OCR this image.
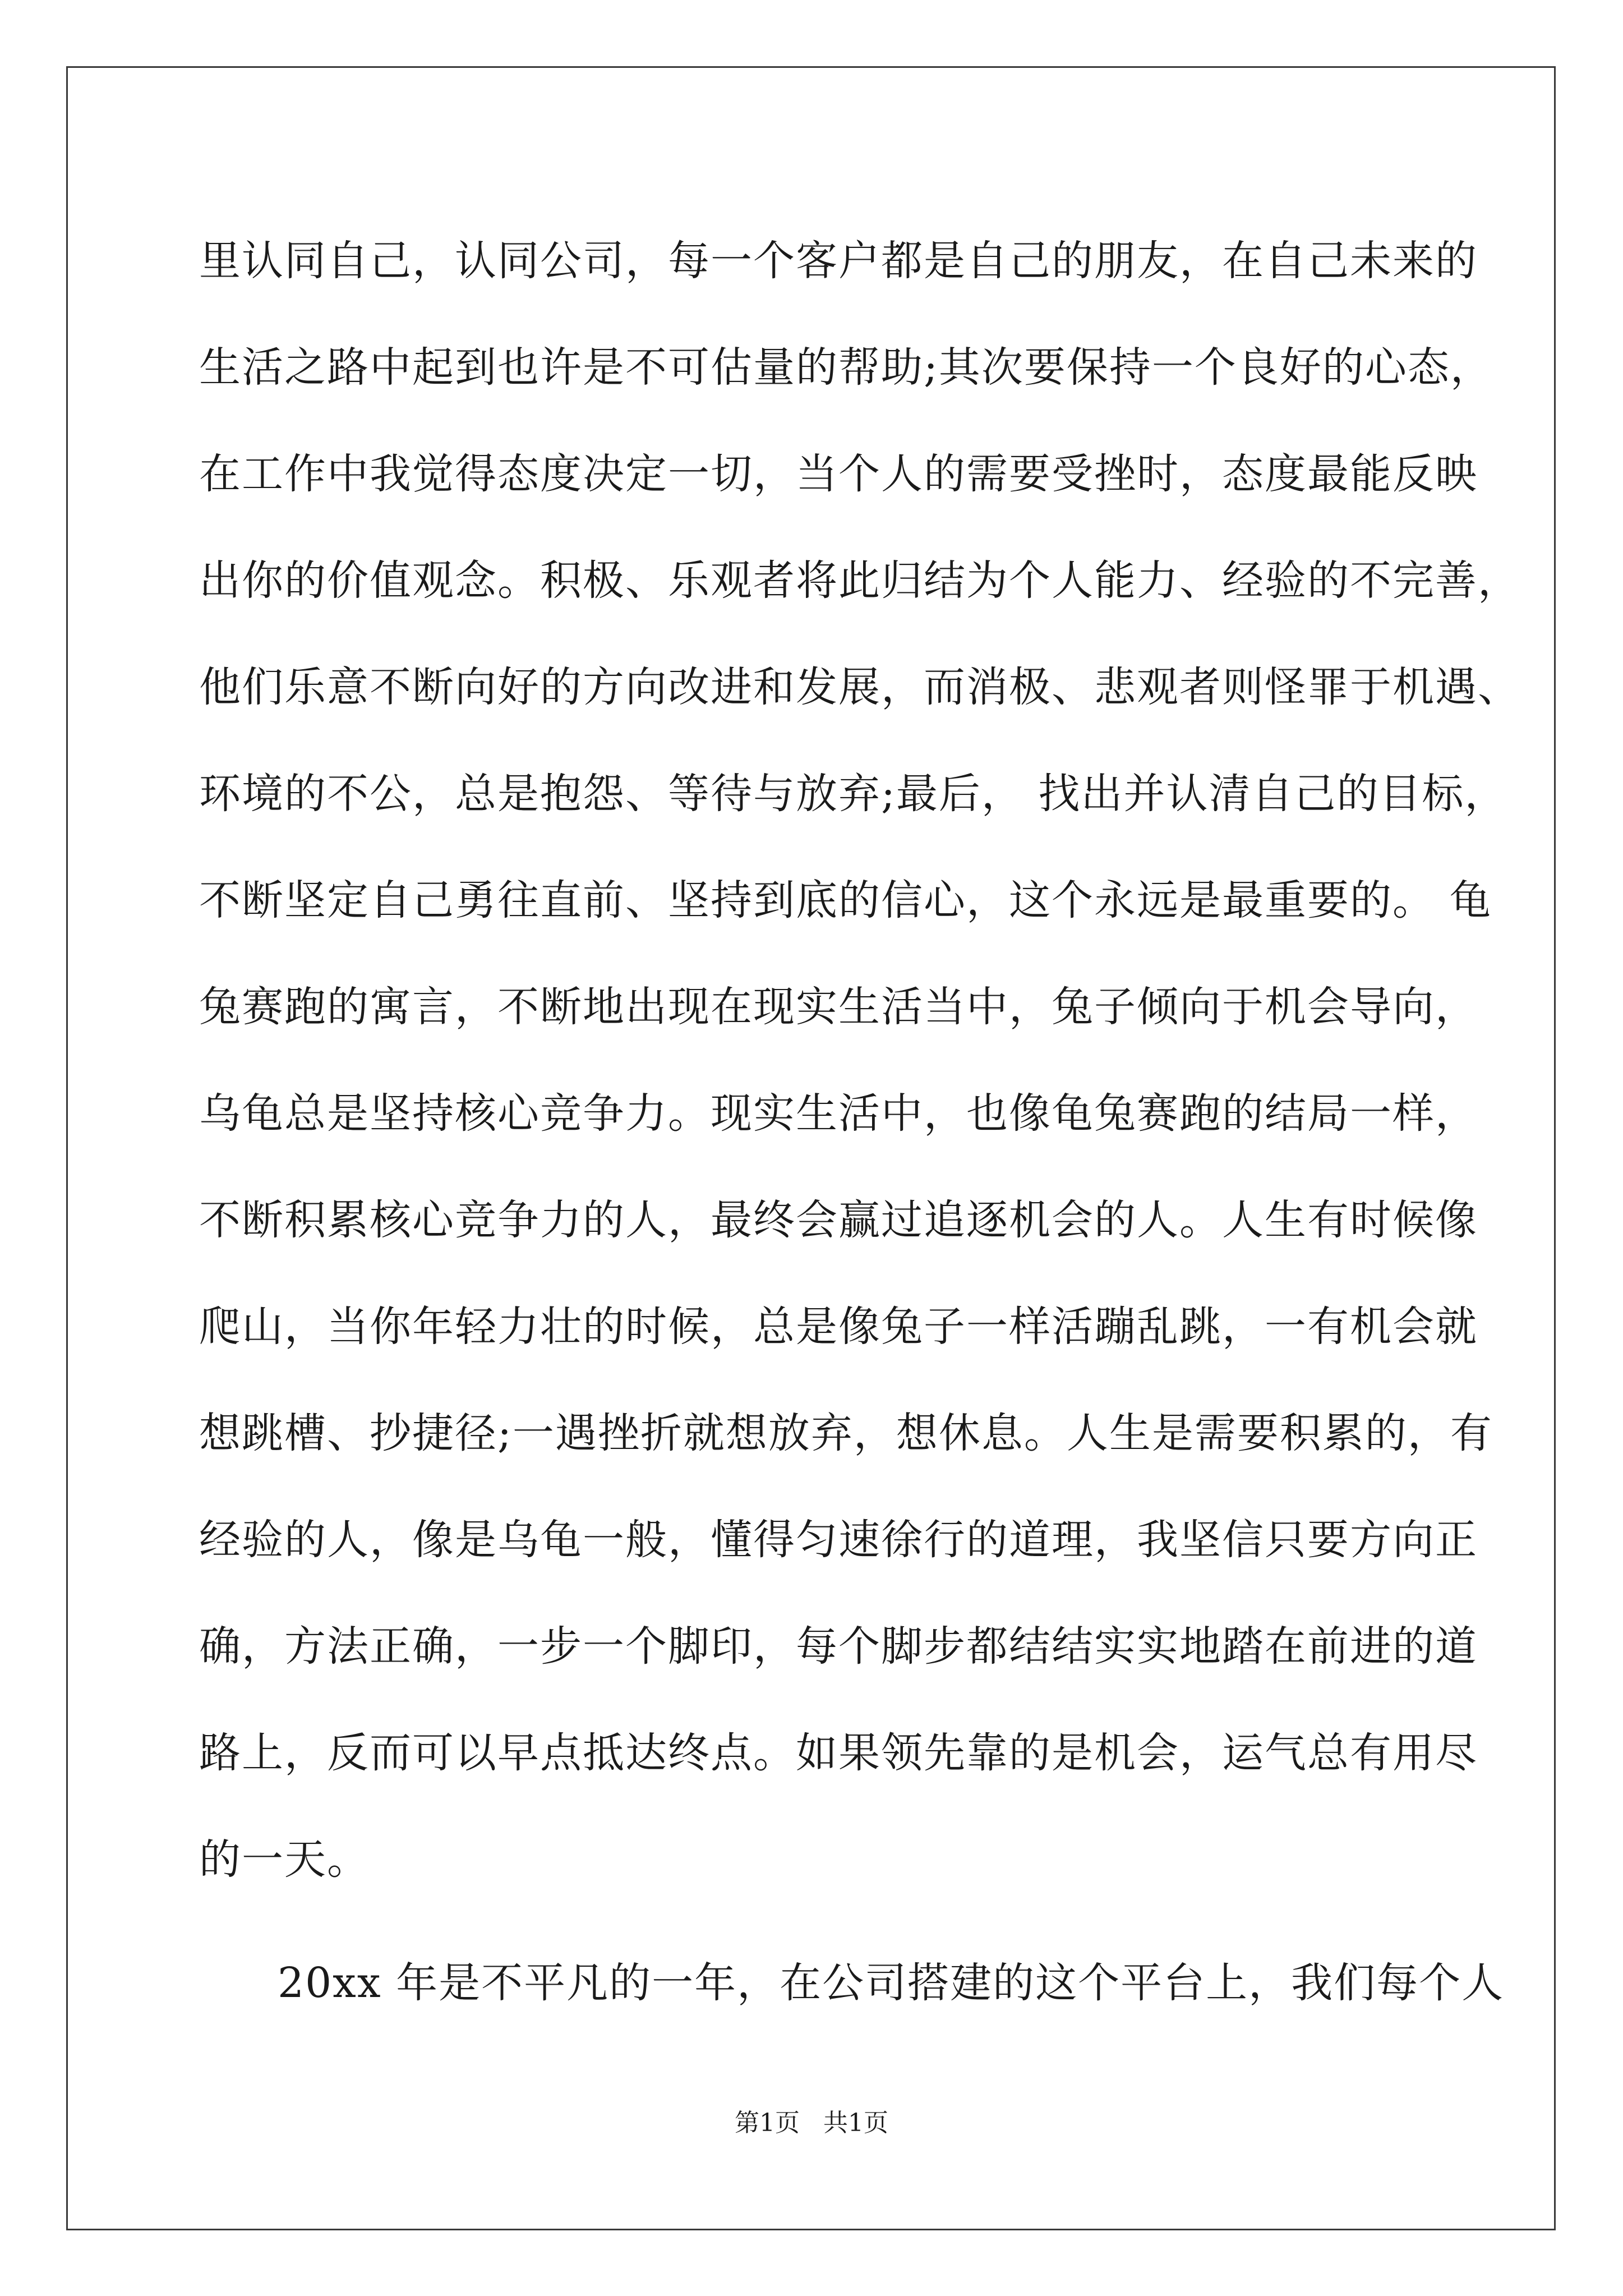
里认同自己，认同公司，每一个客户都是自己的朋友，在自己未来的
生活之路中起到也许是不可估量的帮助;其次要保持一个良好的心态，
在工作中我觉得态度决定一切，当个人的需要受挫时，态度最能反映
出你的价值观念。积极、乐观者将此归结为个人能力、经验的不完善，
他们乐意不断向好的方向改进和发展，而消极、悲观者则怪罪于机遇、
环境的不公，总是抱怨、等待与放弃;最后， 找出并认清自己的目标，
不断坚定自己勇往直前、坚持到底的信心，这个永远是最重要的。 龟
兔赛跑的寓言，不断地出现在现实生活当中，兔子倾向于机会导向，
乌龟总是坚持核心竞争力。现实生活中，也像龟兔赛跑的结局一样，
不断积累核心竞争力的人，最终会赢过追逐机会的人。人生有时候像
爬山，当你年轻力壮的时候，总是像兔子一样活蹦乱跳，一有机会就
想跳槽、抄捷径;一遇挫折就想放弃，想休息。人生是需要积累的，有
经验的人，像是乌龟一般，懂得匀速徐行的道理，我坚信只要方向正
确，方法正确，一步一个脚印，每个脚步都结结实实地踏在前进的道
路上，反而可以早点抵达终点。如果领先靠的是机会，运气总有用尽
的一天。
20xx 年是不平凡的一年，在公司搭建的这个平台上，我们每个人
第1页   共1页
